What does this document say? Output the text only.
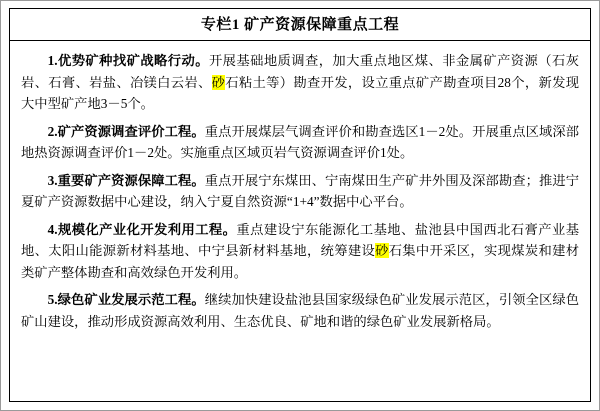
专栏1 矿产资源保障重点工程

1.优势矿种找矿战略行动。开展基础地质调查，加大重点地区煤、非金属矿产资源（石灰岩、石膏、岩盐、冶镁白云岩、砂石粘土等）勘查开发，设立重点矿产勘查项目28个，新发现大中型矿产地3－5个。

2.矿产资源调查评价工程。重点开展煤层气调查评价和勘查选区1－2处。开展重点区域深部地热资源调查评价1－2处。实施重点区域页岩气资源调查评价1处。

3.重要矿产资源保障工程。重点开展宁东煤田、宁南煤田生产矿井外围及深部勘查；推进宁夏矿产资源数据中心建设，纳入宁夏自然资源“1+4”数据中心平台。

4.规模化产业化开发利用工程。重点建设宁东能源化工基地、盐池县中国西北石膏产业基地、太阳山能源新材料基地、中宁县新材料基地，统筹建设砂石集中开采区，实现煤炭和建材类矿产整体勘查和高效绿色开发利用。

5.绿色矿业发展示范工程。继续加快建设盐池县国家级绿色矿业发展示范区，引领全区绿色矿山建设，推动形成资源高效利用、生态优良、矿地和谐的绿色矿业发展新格局。
